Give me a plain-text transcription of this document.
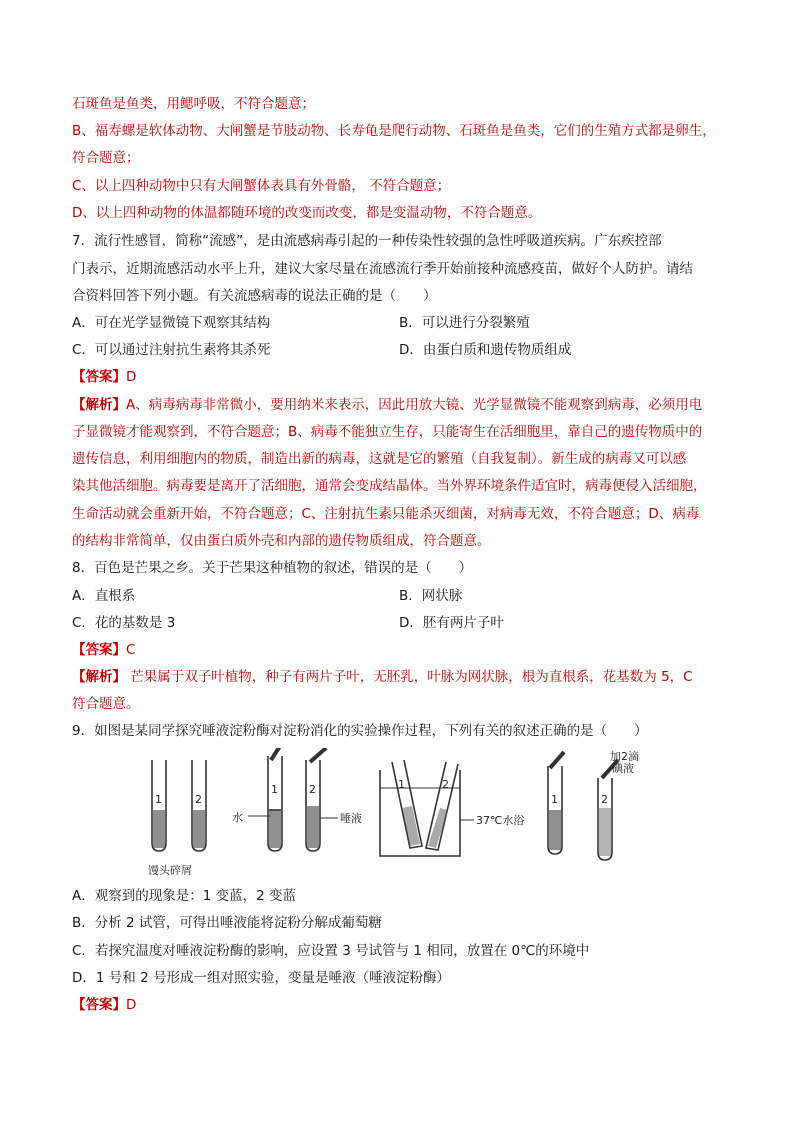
石斑鱼是鱼类，用鳃呼吸，不符合题意；
B、福寿螺是软体动物、大闸蟹是节肢动物、长寿龟是爬行动物、石斑鱼是鱼类，它们的生殖方式都是卵生，
符合题意；
C、以上四种动物中只有大闸蟹体表具有外骨骼， 不符合题意；
D、以上四种动物的体温都随环境的改变而改变，都是变温动物，不符合题意。
7．流行性感冒，简称“流感”，是由流感病毒引起的一种传染性较强的急性呼吸道疾病。广东疾控部
门表示，近期流感活动水平上升，建议大家尽量在流感流行季开始前接种流感疫苗，做好个人防护。请结
合资料回答下列小题。有关流感病毒的说法正确的是（　　）
A．可在光学显微镜下观察其结构	B．可以进行分裂繁殖
C．可以通过注射抗生素将其杀死	D．由蛋白质和遗传物质组成
【答案】D
【解析】A、病毒病毒非常微小，要用纳米来表示，因此用放大镜、光学显微镜不能观察到病毒，必须用电
子显微镜才能观察到，不符合题意；B、病毒不能独立生存，只能寄生在活细胞里，靠自己的遗传物质中的
遗传信息，利用细胞内的物质，制造出新的病毒，这就是它的繁殖（自我复制）。新生成的病毒又可以感
染其他活细胞。病毒要是离开了活细胞，通常会变成结晶体。当外界环境条件适宜时，病毒便侵入活细胞，
生命活动就会重新开始，不符合题意；C、注射抗生素只能杀灭细菌，对病毒无效，不符合题意；D、病毒
的结构非常简单，仅由蛋白质外壳和内部的遗传物质组成，符合题意。
8．百色是芒果之乡。关于芒果这种植物的叙述，错误的是（　　）
A．直根系	B．网状脉
C．花的基数是 3	D．胚有两片子叶
【答案】C
【解析】 芒果属于双子叶植物，种子有两片子叶，无胚乳，叶脉为网状脉，根为直根系，花基数为 5，C
符合题意。
9．如图是某同学探究唾液淀粉酶对淀粉消化的实验操作过程，下列有关的叙述正确的是（　　）
1	2
1	2	1	2
1	2
水	唾液	37℃水浴
馒头碎屑
加2滴碘液
A．观察到的现象是：1 变蓝，2 变蓝
B．分析 2 试管，可得出唾液能将淀粉分解成葡萄糖
C．若探究温度对唾液淀粉酶的影响，应设置 3 号试管与 1 相同，放置在 0℃的环境中
D．1 号和 2 号形成一组对照实验，变量是唾液（唾液淀粉酶）
【答案】D
